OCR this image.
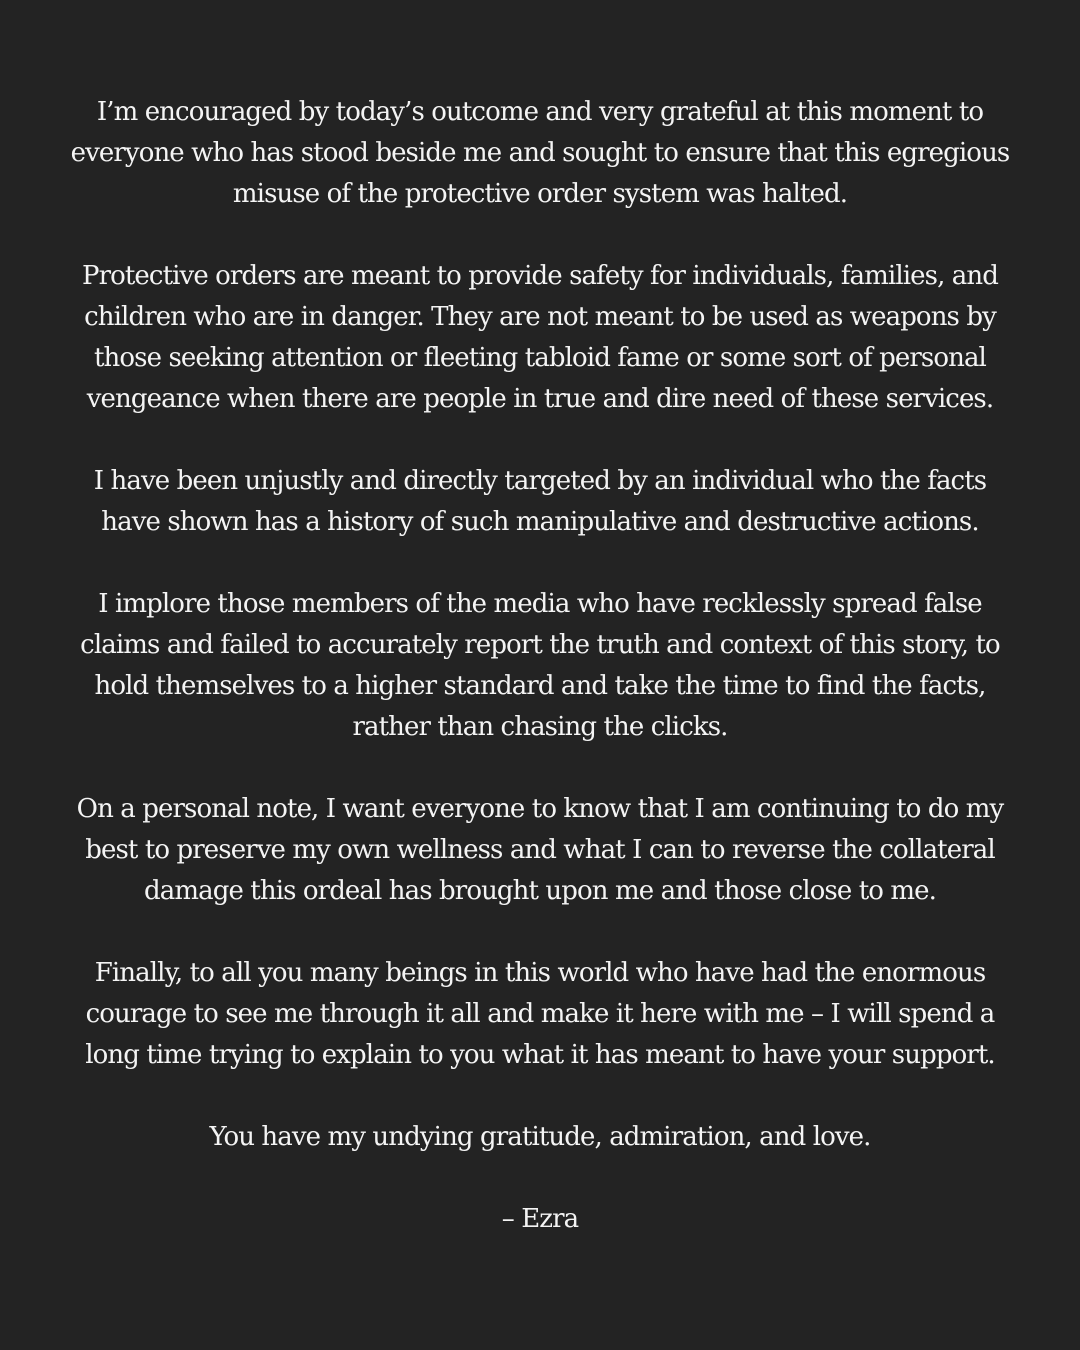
I’m encouraged by today’s outcome and very grateful at this moment to
everyone who has stood beside me and sought to ensure that this egregious
misuse of the protective order system was halted.
Protective orders are meant to provide safety for individuals, families, and
children who are in danger. They are not meant to be used as weapons by
those seeking attention or fleeting tabloid fame or some sort of personal
vengeance when there are people in true and dire need of these services.
I have been unjustly and directly targeted by an individual who the facts
have shown has a history of such manipulative and destructive actions.
I implore those members of the media who have recklessly spread false
claims and failed to accurately report the truth and context of this story, to
hold themselves to a higher standard and take the time to find the facts,
rather than chasing the clicks.
On a personal note, I want everyone to know that I am continuing to do my
best to preserve my own wellness and what I can to reverse the collateral
damage this ordeal has brought upon me and those close to me.
Finally, to all you many beings in this world who have had the enormous
courage to see me through it all and make it here with me – I will spend a
long time trying to explain to you what it has meant to have your support.
You have my undying gratitude, admiration, and love.
– Ezra
